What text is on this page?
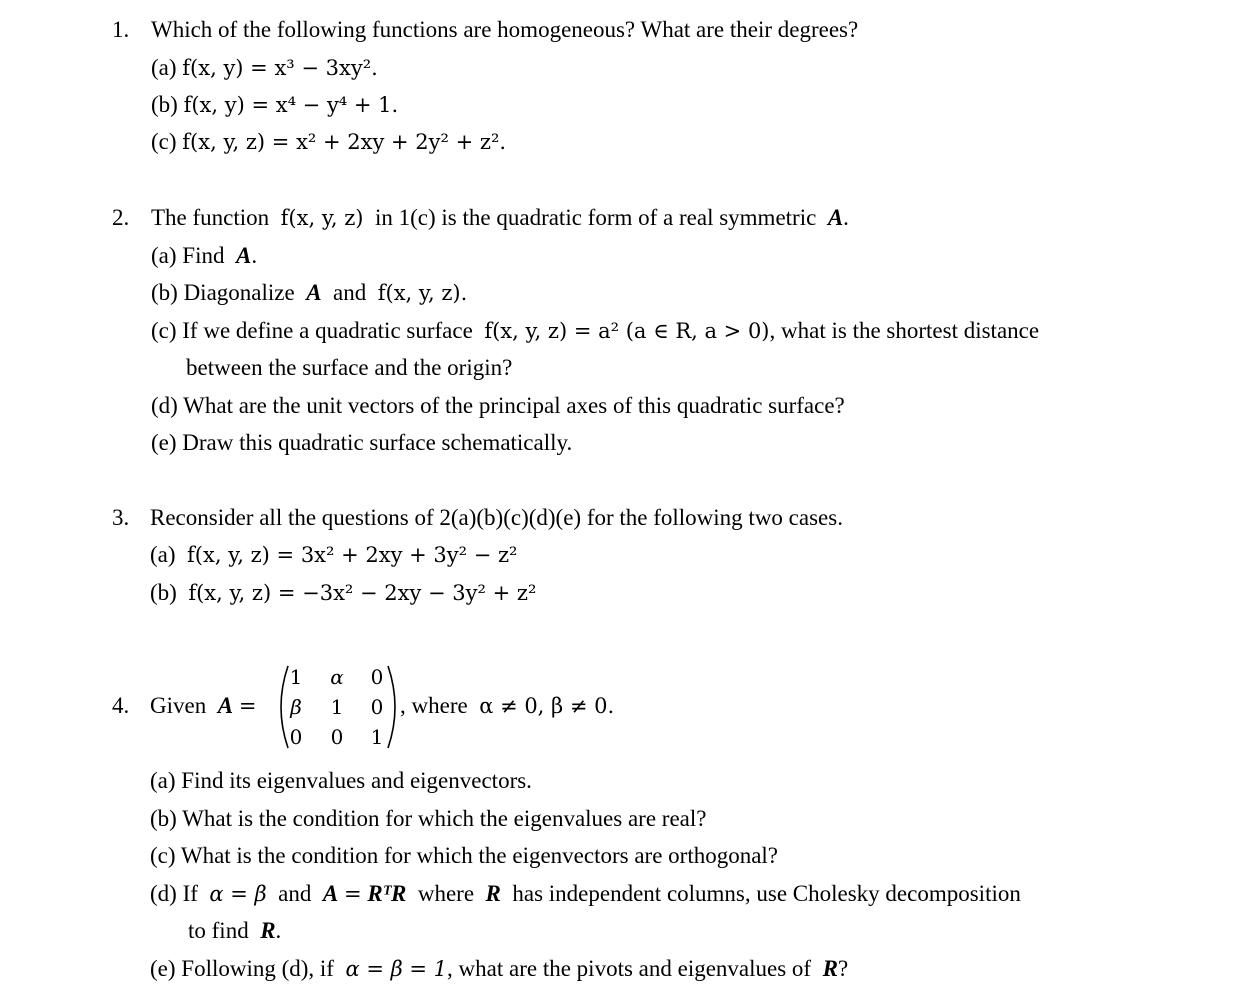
1. Which of the following functions are homogeneous? What are their degrees?
(a) f(x, y) = x³ − 3xy².
(b) f(x, y) = x⁴ − y⁴ + 1.
(c) f(x, y, z) = x² + 2xy + 2y² + z².
2. The function f(x, y, z) in 1(c) is the quadratic form of a real symmetric A.
(a) Find A.
(b) Diagonalize A and f(x, y, z).
(c) If we define a quadratic surface f(x, y, z) = a² (a ∈ R, a > 0), what is the shortest distance
between the surface and the origin?
(d) What are the unit vectors of the principal axes of this quadratic surface?
(e) Draw this quadratic surface schematically.
3. Reconsider all the questions of 2(a)(b)(c)(d)(e) for the following two cases.
(a) f(x, y, z) = 3x² + 2xy + 3y² − z²
(b) f(x, y, z) = −3x² − 2xy − 3y² + z²
4. Given A =
1 α 0
β	1 0
0 0 1
, where α ≠ 0, β ≠ 0.
(a) Find its eigenvalues and eigenvectors.
(b) What is the condition for which the eigenvalues are real?
(c) What is the condition for which the eigenvectors are orthogonal?
(d) If α = β and A = RᵀR where R has independent columns, use Cholesky decomposition
to find R.
(e) Following (d), if α = β = 1, what are the pivots and eigenvalues of R?
